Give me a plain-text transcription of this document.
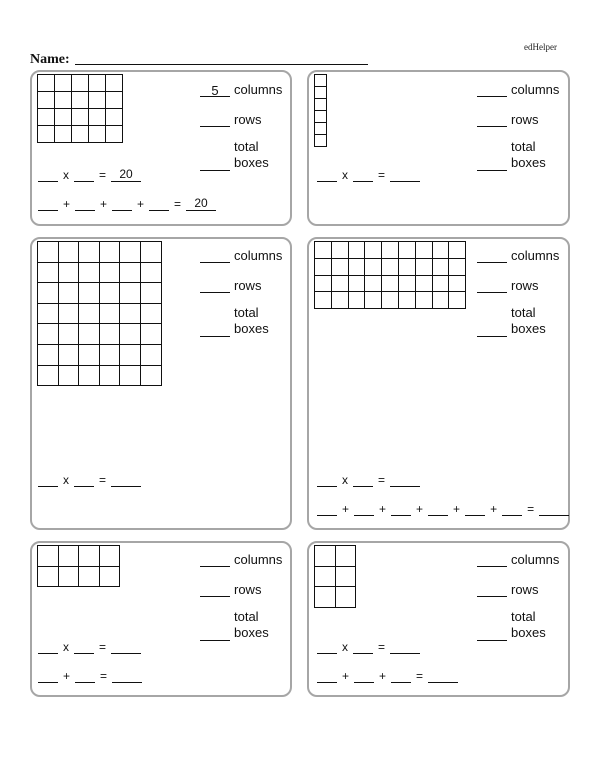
edHelper
Name:

5	columns
rows
total
boxes
x	=	20
+	+	+	=	20

columns
rows
total
boxes
x	=

columns
rows
total
boxes
x	=

columns
rows
total
boxes
x	=
+	+	+	+	+	=

columns
rows
total
boxes
x	=
+	=

columns
rows
total
boxes
x	=
+	+	=
